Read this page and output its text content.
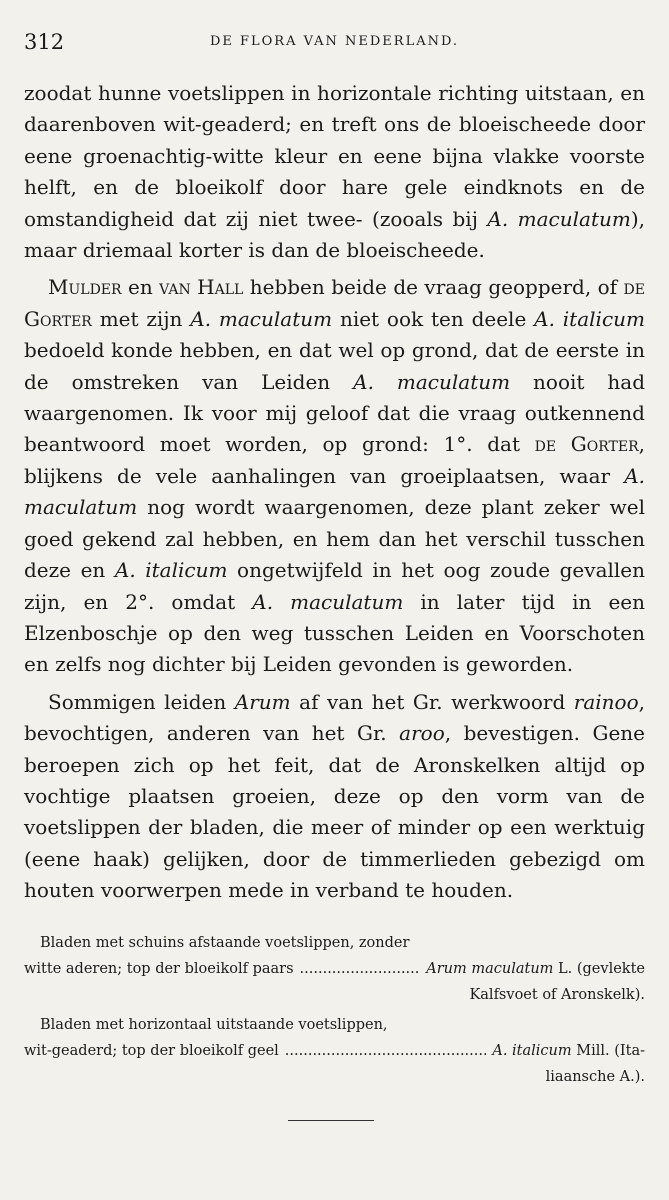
312	DE FLORA VAN NEDERLAND.

zoodat hunne voetslippen in horizontale richting uitstaan, en daarenboven wit-geaderd; en treft ons de bloeischeede door eene groenachtig-witte kleur en eene bijna vlakke voorste helft, en de bloeikolf door hare gele eindknots en de omstandigheid dat zij niet twee- (zooals bij A. maculatum), maar driemaal korter is dan de bloeischeede.

Mulder en van Hall hebben beide de vraag geopperd, of de Gorter met zijn A. maculatum niet ook ten deele A. italicum bedoeld konde hebben, en dat wel op grond, dat de eerste in de omstreken van Leiden A. maculatum nooit had waargenomen. Ik voor mij geloof dat die vraag outkennend beantwoord moet worden, op grond: 1°. dat de Gorter, blijkens de vele aanhalingen van groeiplaatsen, waar A. maculatum nog wordt waargenomen, deze plant zeker wel goed gekend zal hebben, en hem dan het verschil tusschen deze en A. italicum ongetwijfeld in het oog zoude gevallen zijn, en 2°. omdat A. maculatum in later tijd in een Elzenboschje op den weg tusschen Leiden en Voorschoten en zelfs nog dichter bij Leiden gevonden is geworden.

Sommigen leiden Arum af van het Gr. werkwoord rainoo, bevochtigen, anderen van het Gr. aroo, bevestigen. Gene beroepen zich op het feit, dat de Aronskelken altijd op vochtige plaatsen groeien, deze op den vorm van de voetslippen der bladen, die meer of minder op een werktuig (eene haak) gelijken, door de timmerlieden gebezigd om houten voorwerpen mede in verband te houden.

Bladen met schuins afstaande voetslippen, zonder
witte aderen; top der bloeikolf paars .....	Arum maculatum L. (gevlekte
Kalfsvoet of Aronskelk).
Bladen met horizontaal uitstaande voetslippen,
wit-geaderd; top der bloeikolf geel .....	A. italicum Mill. (Ita-
liaansche A.).
